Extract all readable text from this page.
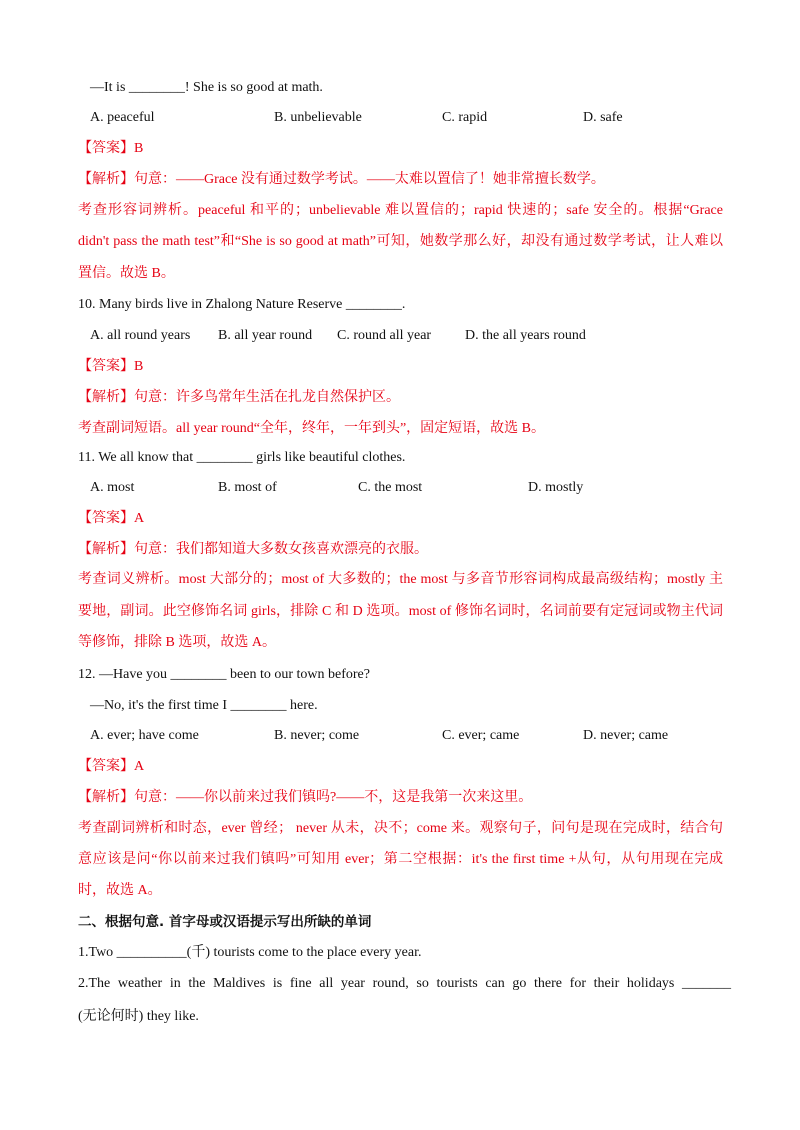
—It is ________! She is so good at math.
A. peaceful	B. unbelievable	C. rapid	D. safe
【答案】B
【解析】句意：——Grace 没有通过数学考试。——太难以置信了！她非常擅长数学。
考查形容词辨析。peaceful 和平的；unbelievable 难以置信的；rapid 快速的；safe 安全的。根据“Grace
didn't pass the math test”和“She is so good at math”可知，她数学那么好，却没有通过数学考试，让人难以
置信。故选 B。
10. Many birds live in Zhalong Nature Reserve ________.
A. all round years B. all year round C. round all year D. the all years round
【答案】B
【解析】句意：许多鸟常年生活在扎龙自然保护区。
考查副词短语。all year round“全年，终年，一年到头”，固定短语，故选 B。
11. We all know that ________ girls like beautiful clothes.
A. most	B. most of	C. the most	D. mostly
【答案】A
【解析】句意：我们都知道大多数女孩喜欢漂亮的衣服。
考查词义辨析。most 大部分的；most of 大多数的；the most 与多音节形容词构成最高级结构；mostly 主
要地，副词。此空修饰名词 girls，排除 C 和 D 选项。most of 修饰名词时，名词前要有定冠词或物主代词
等修饰，排除 B 选项，故选 A。
12. —Have you ________ been to our town before?
—No, it's the first time I ________ here.
A. ever; have come	B. never; come	C. ever; came	D. never; came
【答案】A
【解析】句意：——你以前来过我们镇吗?——不，这是我第一次来这里。
考查副词辨析和时态，ever 曾经； never 从未，决不；come 来。观察句子，问句是现在完成时，结合句
意应该是问“你以前来过我们镇吗”可知用 ever；第二空根据：it's the first time +从句，从句用现在完成
时，故选 A。
二、根据句意. 首字母或汉语提示写出所缺的单词
1.Two __________(千) tourists come to the place every year.
2.The weather in the Maldives is fine all year round, so tourists can go there for their holidays _______
(无论何时) they like.
